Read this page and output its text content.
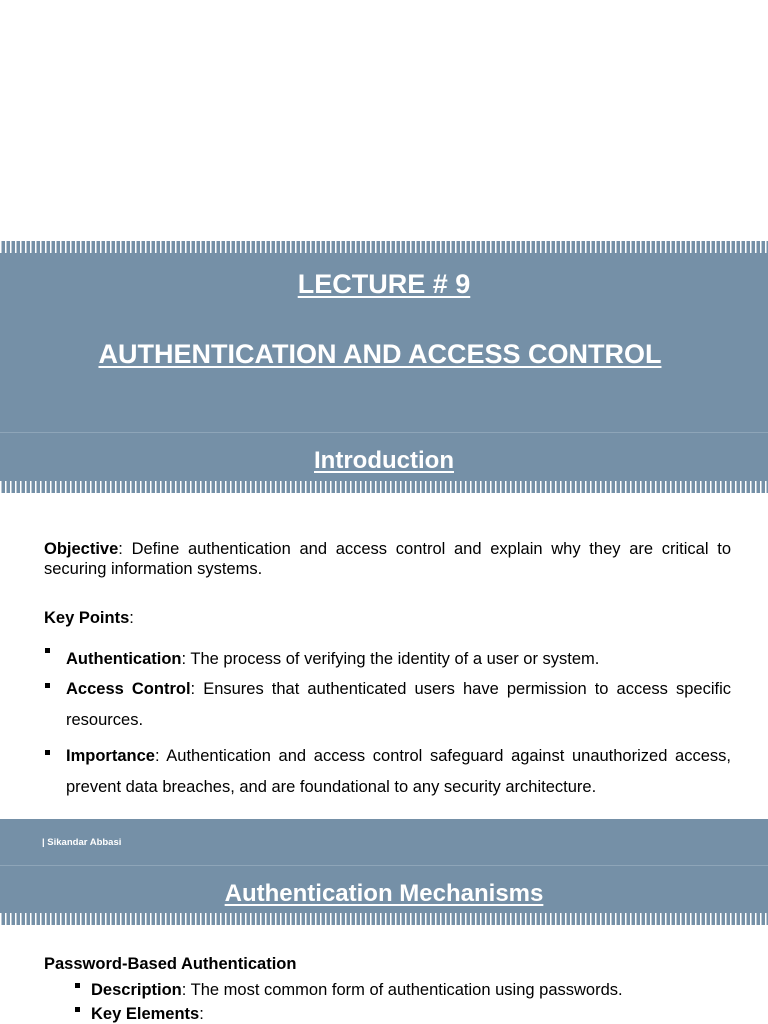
LECTURE # 9
AUTHENTICATION AND ACCESS CONTROL
Introduction
Objective: Define authentication and access control and explain why they are critical to securing information systems.
Key Points:
Authentication: The process of verifying the identity of a user or system.
Access Control: Ensures that authenticated users have permission to access specific resources.
Importance: Authentication and access control safeguard against unauthorized access, prevent data breaches, and are foundational to any security architecture.
| Sikandar Abbasi
Authentication Mechanisms
Password-Based Authentication
Description: The most common form of authentication using passwords.
Key Elements:
